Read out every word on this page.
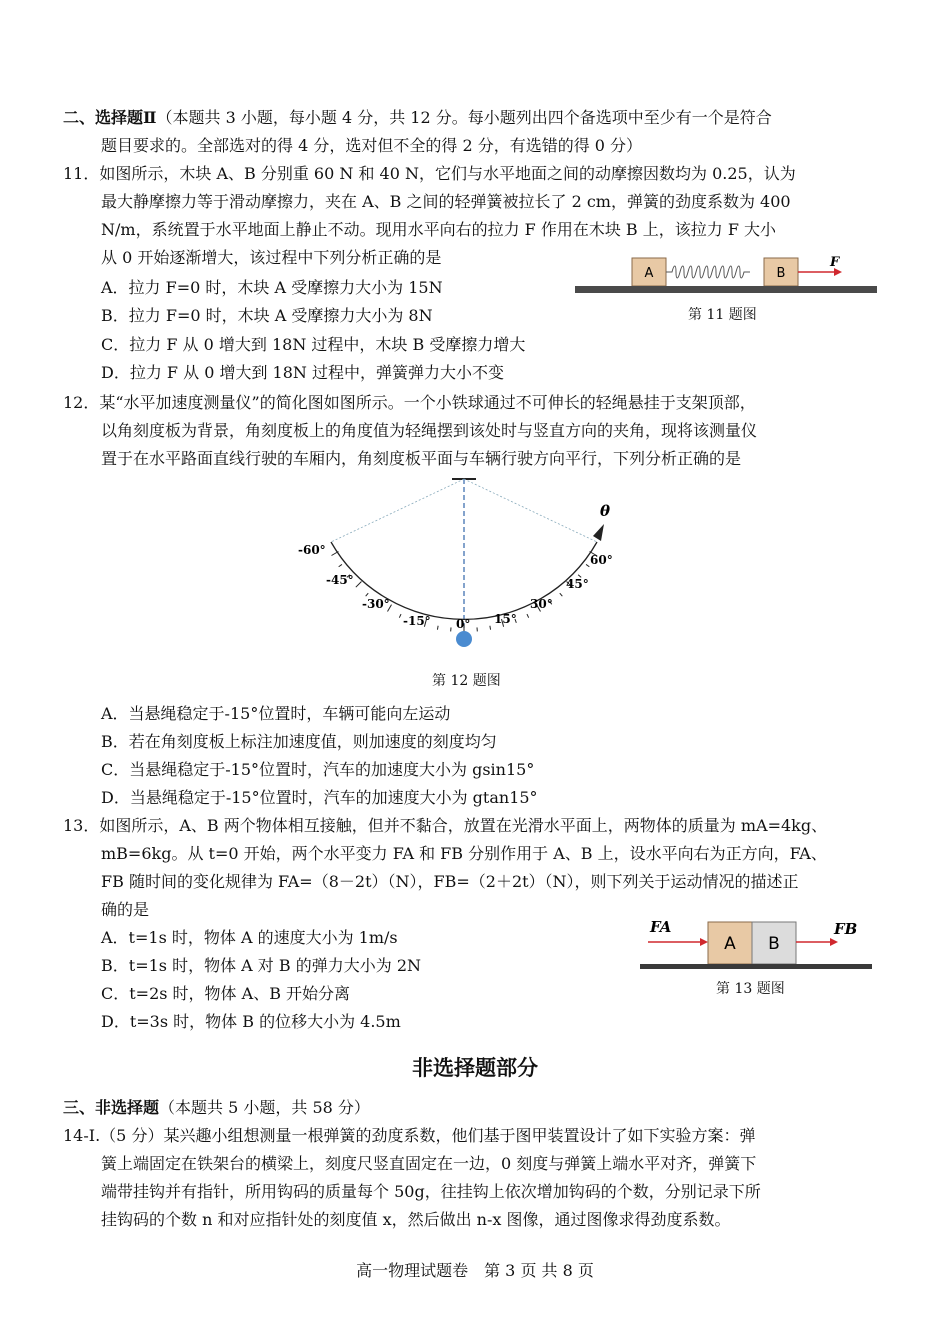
二、选择题Ⅱ（本题共 3 小题，每小题 4 分，共 12 分。每小题列出四个备选项中至少有一个是符合
题目要求的。全部选对的得 4 分，选对但不全的得 2 分，有选错的得 0 分）
11．如图所示，木块 A、B 分别重 60 N 和 40 N，它们与水平地面之间的动摩擦因数均为 0.25，认为
最大静摩擦力等于滑动摩擦力，夹在 A、B 之间的轻弹簧被拉长了 2 cm，弹簧的劲度系数为 400
N/m，系统置于水平地面上静止不动。现用水平向右的拉力 F 作用在木块 B 上，该拉力 F 大小
从 0 开始逐渐增大，该过程中下列分析正确的是
A．拉力 F=0 时，木块 A 受摩擦力大小为 15N
B．拉力 F=0 时，木块 A 受摩擦力大小为 8N
C．拉力 F 从 0 增大到 18N 过程中，木块 B 受摩擦力增大
D．拉力 F 从 0 增大到 18N 过程中，弹簧弹力大小不变
A	B
F
第 11 题图
12．某“水平加速度测量仪”的简化图如图所示。一个小铁球通过不可伸长的轻绳悬挂于支架顶部，
以角刻度板为背景，角刻度板上的角度值为轻绳摆到该处时与竖直方向的夹角，现将该测量仪
置于在水平路面直线行驶的车厢内，角刻度板平面与车辆行驶方向平行，下列分析正确的是
θ
-60°
-45°
-30°
-15° 0° 15°
30°
45°
60°
第 12 题图
A．当悬绳稳定于-15°位置时，车辆可能向左运动
B．若在角刻度板上标注加速度值，则加速度的刻度均匀
C．当悬绳稳定于-15°位置时，汽车的加速度大小为 gsin15°
D．当悬绳稳定于-15°位置时，汽车的加速度大小为 gtan15°
13．如图所示，A、B 两个物体相互接触，但并不黏合，放置在光滑水平面上，两物体的质量为 mA=4kg、
mB=6kg。从 t=0 开始，两个水平变力 FA 和 FB 分别作用于 A、B 上，设水平向右为正方向，FA、
FB 随时间的变化规律为 FA=（8－2t）（N），FB=（2＋2t）（N），则下列关于运动情况的描述正
确的是
A．t=1s 时，物体 A 的速度大小为 1m/s
B．t=1s 时，物体 A 对 B 的弹力大小为 2N
C．t=2s 时，物体 A、B 开始分离
D．t=3s 时，物体 B 的位移大小为 4.5m
FA
A B
FB
第 13 题图
非选择题部分
三、非选择题（本题共 5 小题，共 58 分）
14-I.（5 分）某兴趣小组想测量一根弹簧的劲度系数，他们基于图甲装置设计了如下实验方案：弹
簧上端固定在铁架台的横梁上，刻度尺竖直固定在一边，0 刻度与弹簧上端水平对齐，弹簧下
端带挂钩并有指针，所用钩码的质量每个 50g，往挂钩上依次增加钩码的个数，分别记录下所
挂钩码的个数 n 和对应指针处的刻度值 x，然后做出 n-x 图像，通过图像求得劲度系数。
高一物理试题卷　第 3 页 共 8 页
